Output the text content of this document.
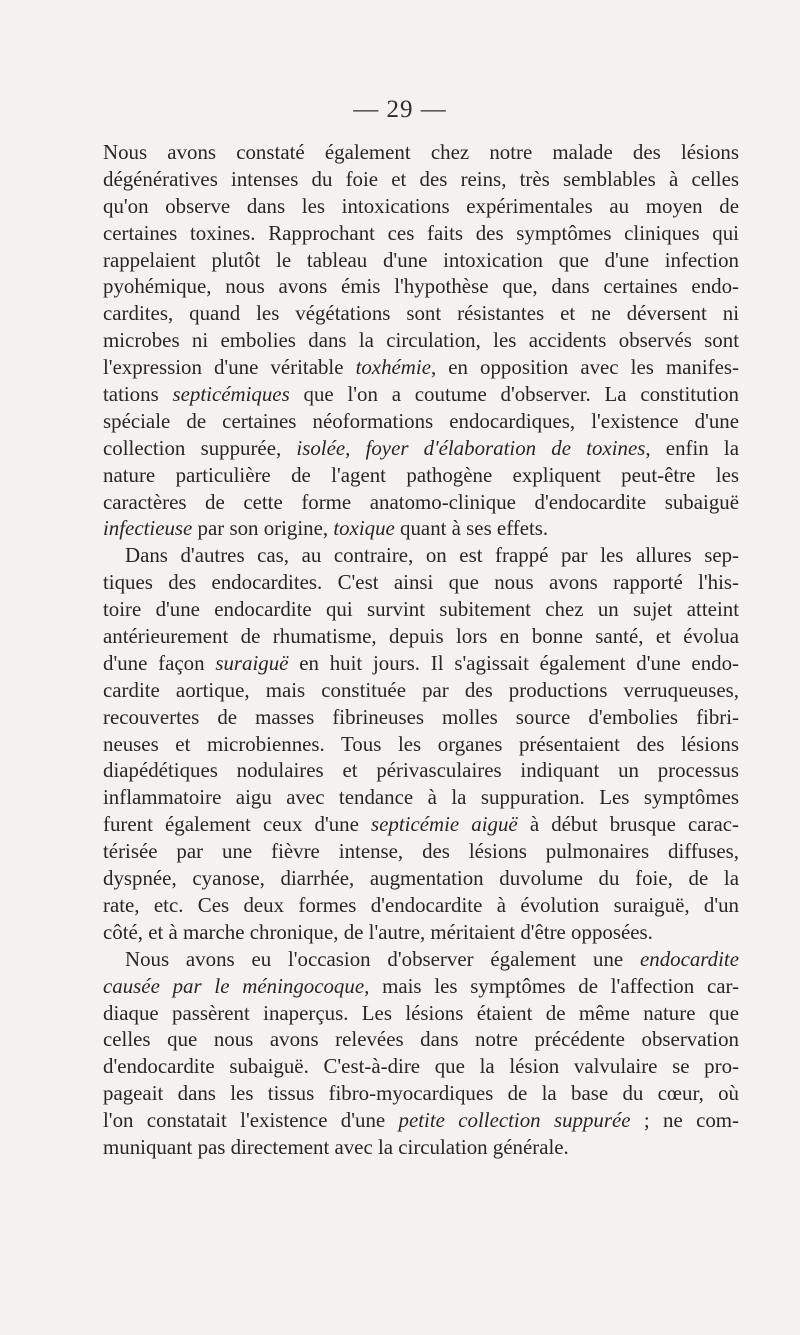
— 29 —
Nous avons constaté également chez notre malade des lésions
dégénératives intenses du foie et des reins, très semblables à celles
qu'on observe dans les intoxications expérimentales au moyen de
certaines toxines. Rapprochant ces faits des symptômes cliniques qui
rappelaient plutôt le tableau d'une intoxication que d'une infection
pyohémique, nous avons émis l'hypothèse que, dans certaines endo-
cardites, quand les végétations sont résistantes et ne déversent ni
microbes ni embolies dans la circulation, les accidents observés sont
l'expression d'une véritable toxhémie, en opposition avec les manifes-
tations septicémiques que l'on a coutume d'observer. La constitution
spéciale de certaines néoformations endocardiques, l'existence d'une
collection suppurée, isolée, foyer d'élaboration de toxines, enfin la
nature particulière de l'agent pathogène expliquent peut-être les
caractères de cette forme anatomo-clinique d'endocardite subaiguë
infectieuse par son origine, toxique quant à ses effets.
Dans d'autres cas, au contraire, on est frappé par les allures sep-
tiques des endocardites. C'est ainsi que nous avons rapporté l'his-
toire d'une endocardite qui survint subitement chez un sujet atteint
antérieurement de rhumatisme, depuis lors en bonne santé, et évolua
d'une façon suraiguë en huit jours. Il s'agissait également d'une endo-
cardite aortique, mais constituée par des productions verruqueuses,
recouvertes de masses fibrineuses molles source d'embolies fibri-
neuses et microbiennes. Tous les organes présentaient des lésions
diapédétiques nodulaires et périvasculaires indiquant un processus
inflammatoire aigu avec tendance à la suppuration. Les symptômes
furent également ceux d'une septicémie aiguë à début brusque carac-
térisée par une fièvre intense, des lésions pulmonaires diffuses,
dyspnée, cyanose, diarrhée, augmentation duvolume du foie, de la
rate, etc. Ces deux formes d'endocardite à évolution suraiguë, d'un
côté, et à marche chronique, de l'autre, méritaient d'être opposées.
Nous avons eu l'occasion d'observer également une endocardite
causée par le méningocoque, mais les symptômes de l'affection car-
diaque passèrent inaperçus. Les lésions étaient de même nature que
celles que nous avons relevées dans notre précédente observation
d'endocardite subaiguë. C'est-à-dire que la lésion valvulaire se pro-
pageait dans les tissus fibro-myocardiques de la base du cœur, où
l'on constatait l'existence d'une petite collection suppurée ; ne com-
muniquant pas directement avec la circulation générale.
